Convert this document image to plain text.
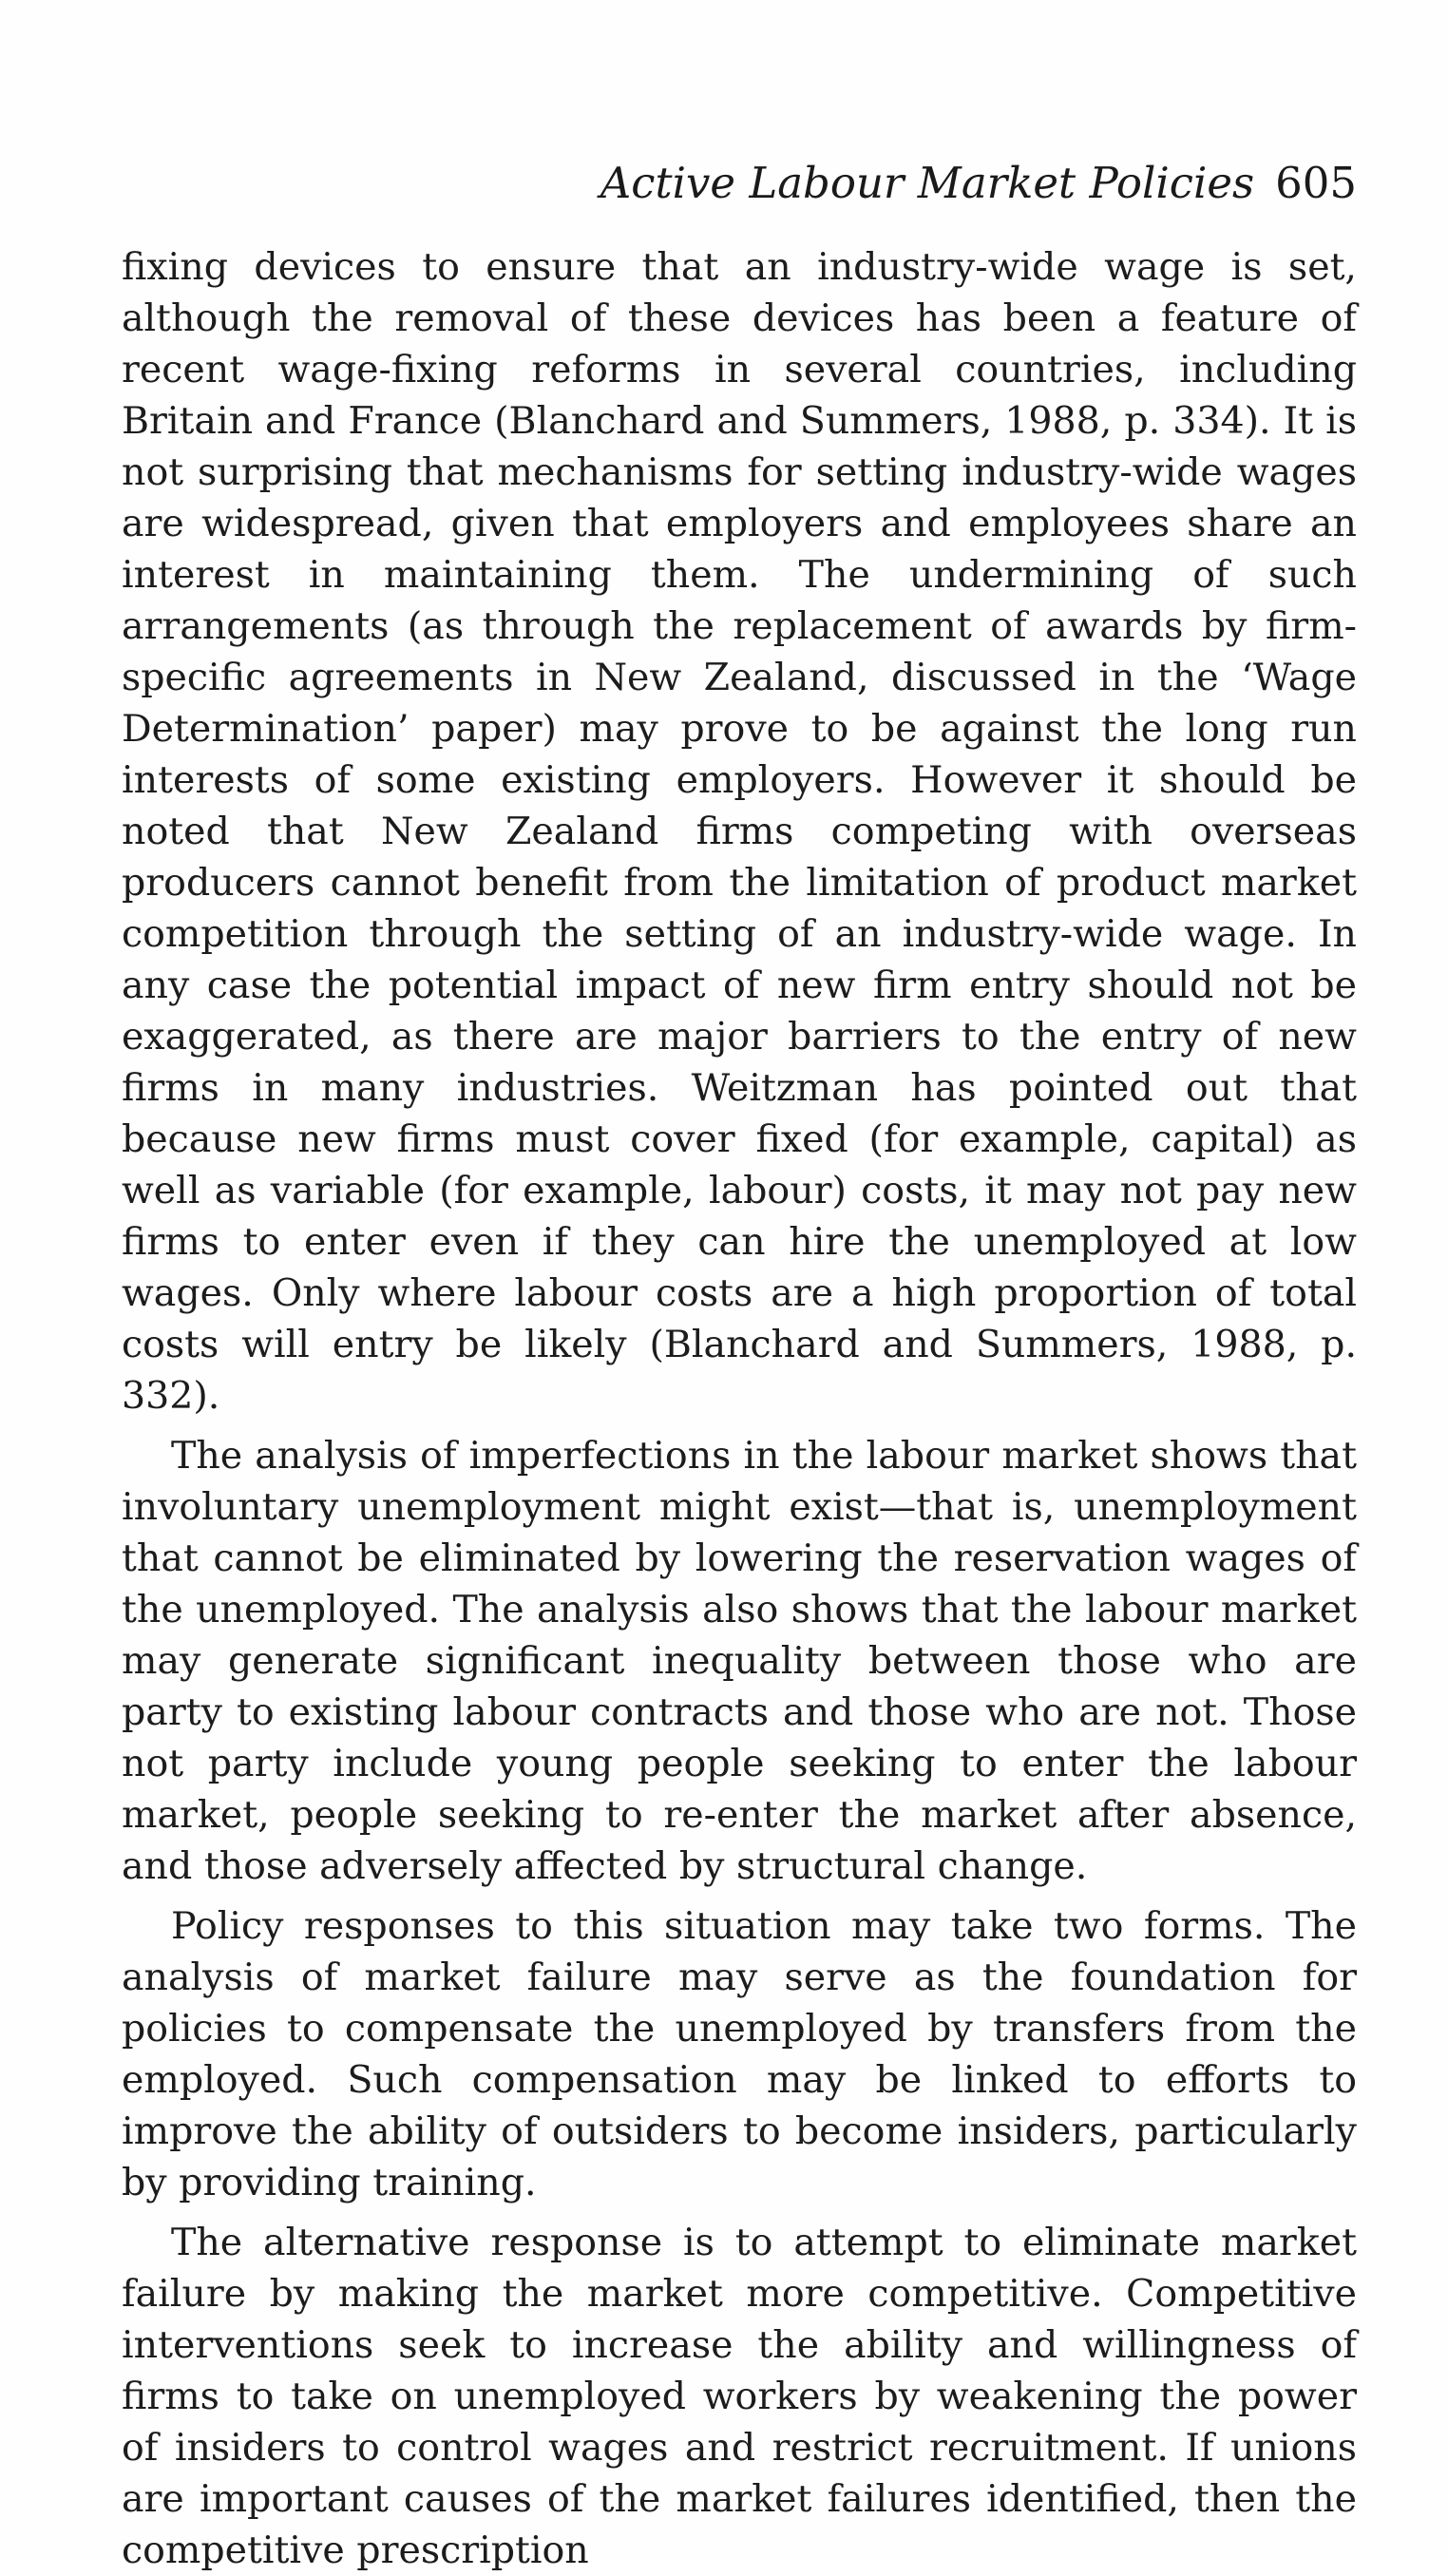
Active Labour Market Policies 605

fixing devices to ensure that an industry-wide wage is set, although the removal of these devices has been a feature of recent wage-fixing reforms in several countries, including Britain and France (Blanchard and Summers, 1988, p. 334). It is not surprising that mechanisms for setting industry-wide wages are widespread, given that employers and employees share an interest in maintaining them. The undermining of such arrangements (as through the replacement of awards by firm-specific agreements in New Zealand, discussed in the ‘Wage Determination’ paper) may prove to be against the long run interests of some existing employers. However it should be noted that New Zealand firms competing with overseas producers cannot benefit from the limitation of product market competition through the setting of an industry-wide wage. In any case the potential impact of new firm entry should not be exaggerated, as there are major barriers to the entry of new firms in many industries. Weitzman has pointed out that because new firms must cover fixed (for example, capital) as well as variable (for example, labour) costs, it may not pay new firms to enter even if they can hire the unemployed at low wages. Only where labour costs are a high proportion of total costs will entry be likely (Blanchard and Summers, 1988, p. 332).

The analysis of imperfections in the labour market shows that involuntary unemployment might exist—that is, unemployment that cannot be eliminated by lowering the reservation wages of the unemployed. The analysis also shows that the labour market may generate significant inequality between those who are party to existing labour contracts and those who are not. Those not party include young people seeking to enter the labour market, people seeking to re-enter the market after absence, and those adversely affected by structural change.

Policy responses to this situation may take two forms. The analysis of market failure may serve as the foundation for policies to compensate the unemployed by transfers from the employed. Such compensation may be linked to efforts to improve the ability of outsiders to become insiders, particularly by providing training.

The alternative response is to attempt to eliminate market failure by making the market more competitive. Competitive interventions seek to increase the ability and willingness of firms to take on unemployed workers by weakening the power of insiders to control wages and restrict recruitment. If unions are important causes of the market failures identified, then the competitive prescription
